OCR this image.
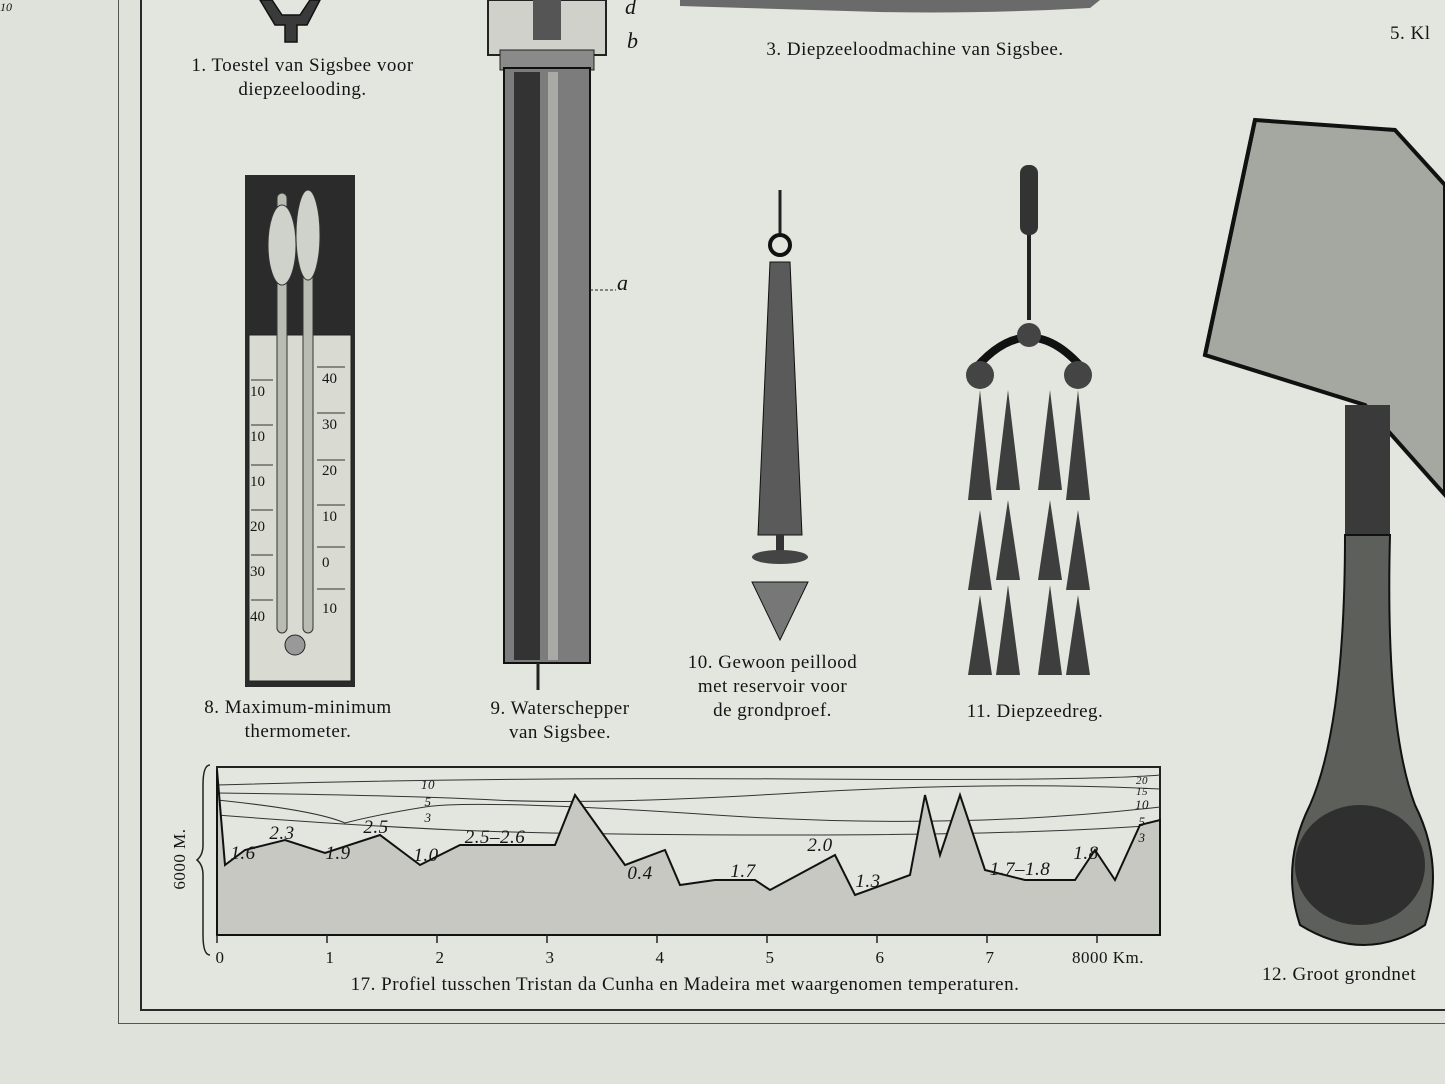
1. Toestel van Sigsbee voor
diepzeelooding.
3. Diepzeeloodmachine van Sigsbee.
5. Kl
10
10
10
20
30
40
40
30
20
10
0
10
8. Maximum-minimum
thermometer.
d
b
a
9. Waterschepper
van Sigsbee.
10. Gewoon peillood
met reservoir voor
de grondproef.	11. Diepzeedreg.
12. Groot grondnet
6000 M.
0	1	2	3	4	5	6	7	8000 Km.
10
10
5
3
20
15
10
5
3
1.6
2.3
1.9
2.5
1.0
2.5–2.6
0.4	1.7
2.0
1.3
1.7–1.8
1.8
17. Profiel tusschen Tristan da Cunha en Madeira met waargenomen temperaturen.
